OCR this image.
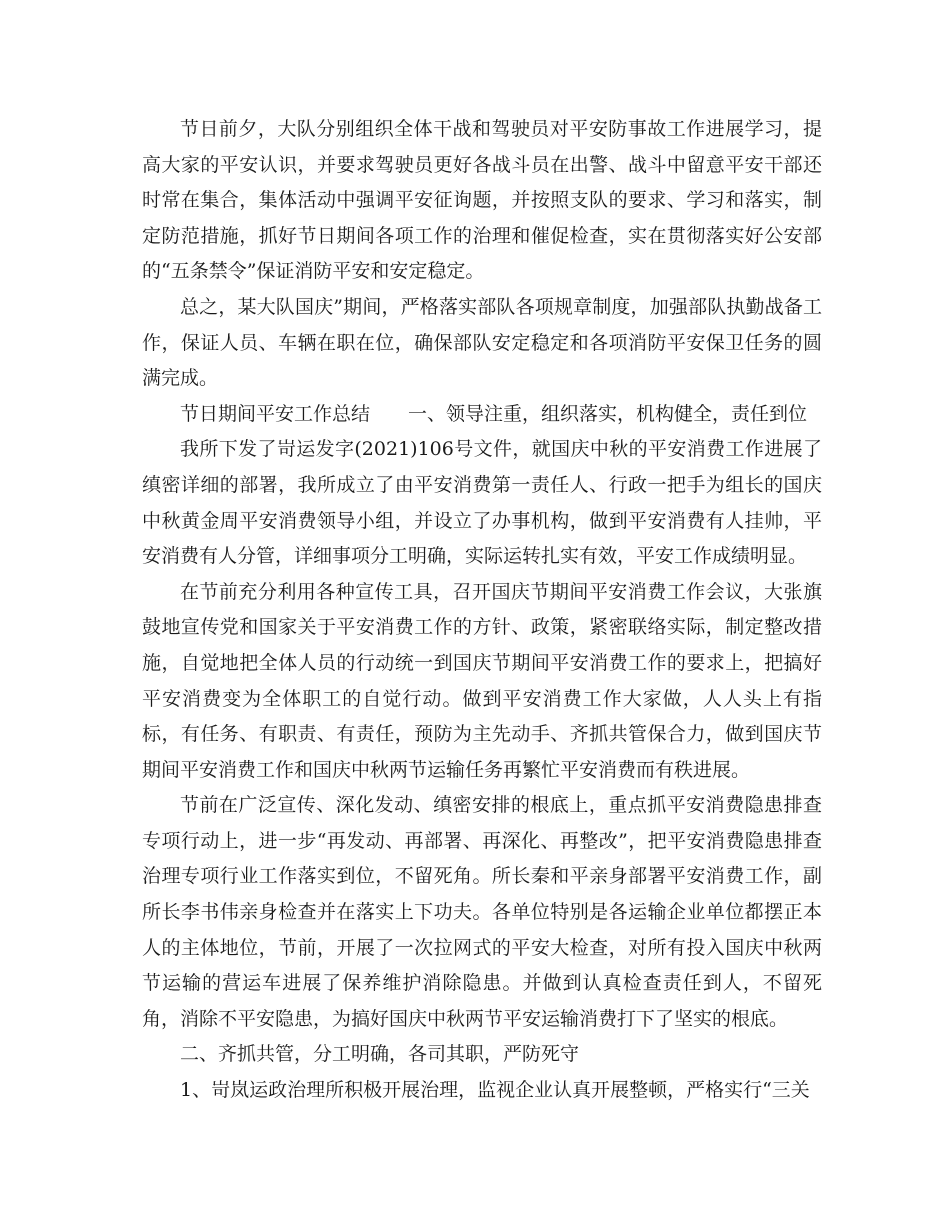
节日前夕，大队分别组织全体干战和驾驶员对平安防事故工作进展学习，提高大家的平安认识，并要求驾驶员更好各战斗员在出警、战斗中留意平安干部还时常在集合，集体活动中强调平安征询题，并按照支队的要求、学习和落实，制定防范措施，抓好节日期间各项工作的治理和催促检查，实在贯彻落实好公安部的“五条禁令”保证消防平安和安定稳定。

总之，某大队国庆”期间，严格落实部队各项规章制度，加强部队执勤战备工作，保证人员、车辆在职在位，确保部队安定稳定和各项消防平安保卫任务的圆满完成。

节日期间平安工作总结　　一、领导注重，组织落实，机构健全，责任到位

我所下发了岢运发字(2021)106号文件，就国庆中秋的平安消费工作进展了缜密详细的部署，我所成立了由平安消费第一责任人、行政一把手为组长的国庆中秋黄金周平安消费领导小组，并设立了办事机构，做到平安消费有人挂帅，平安消费有人分管，详细事项分工明确，实际运转扎实有效，平安工作成绩明显。

在节前充分利用各种宣传工具，召开国庆节期间平安消费工作会议，大张旗鼓地宣传党和国家关于平安消费工作的方针、政策，紧密联络实际，制定整改措施，自觉地把全体人员的行动统一到国庆节期间平安消费工作的要求上，把搞好平安消费变为全体职工的自觉行动。做到平安消费工作大家做，人人头上有指标，有任务、有职责、有责任，预防为主先动手、齐抓共管保合力，做到国庆节期间平安消费工作和国庆中秋两节运输任务再繁忙平安消费而有秩进展。

节前在广泛宣传、深化发动、缜密安排的根底上，重点抓平安消费隐患排查专项行动上，进一步“再发动、再部署、再深化、再整改”，把平安消费隐患排查治理专项行业工作落实到位，不留死角。所长秦和平亲身部署平安消费工作，副所长李书伟亲身检查并在落实上下功夫。各单位特别是各运输企业单位都摆正本人的主体地位，节前，开展了一次拉网式的平安大检查，对所有投入国庆中秋两节运输的营运车进展了保养维护消除隐患。并做到认真检查责任到人，不留死角，消除不平安隐患，为搞好国庆中秋两节平安运输消费打下了坚实的根底。

二、齐抓共管，分工明确，各司其职，严防死守

1、岢岚运政治理所积极开展治理，监视企业认真开展整顿，严格实行“三关
